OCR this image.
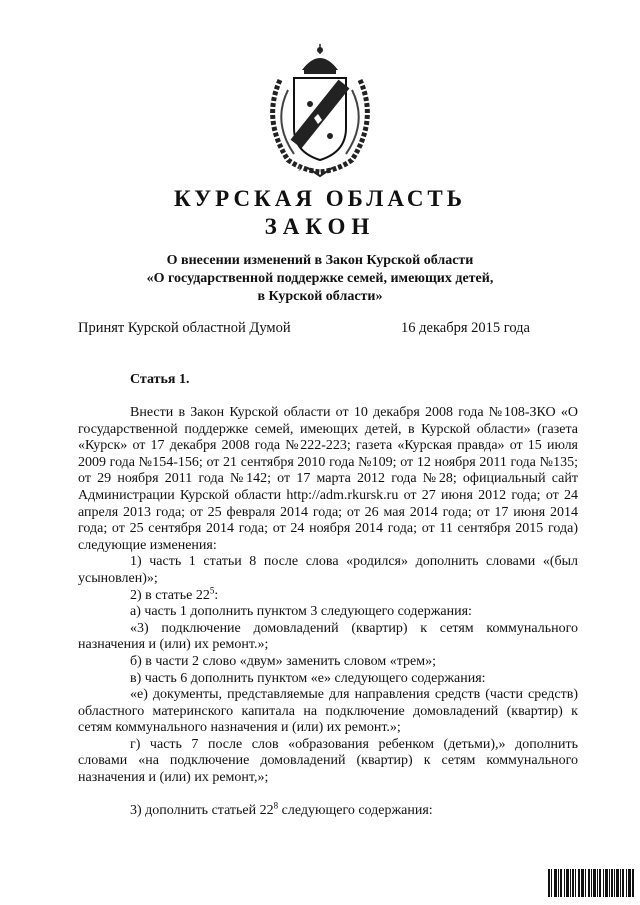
i
КУРСКАЯ ОБЛАСТЬ
ЗАКОН
О внесении изменений в Закон Курской области
«О государственной поддержке семей, имеющих детей,
в Курской области»
Принят Курской областной Думой	16 декабря 2015 года
Статья 1.

Внести в Закон Курской области от 10 декабря 2008 года №108-ЗКО «О государственной поддержке семей, имеющих детей, в Курской области» (газета «Курск» от 17 декабря 2008 года №222-223; газета «Курская правда» от 15 июля 2009 года №154-156; от 21 сентября 2010 года №109; от 12 ноября 2011 года №135; от 29 ноября 2011 года №142; от 17 марта 2012 года №28; официальный сайт Администрации Курской области http://adm.rkursk.ru от 27 июня 2012 года; от 24 апреля 2013 года; от 25 февраля 2014 года; от 26 мая 2014 года; от 17 июня 2014 года; от 25 сентября 2014 года; от 24 ноября 2014 года; от 11 сентября 2015 года) следующие изменения:

1) часть 1 статьи 8 после слова «родился» дополнить словами «(был усыновлен)»;

2) в статье $22^5$:

а) часть 1 дополнить пунктом 3 следующего содержания:

«3) подключение домовладений (квартир) к сетям коммунального назначения и (или) их ремонт.»;

б) в части 2 слово «двум» заменить словом «трем»;

в) часть 6 дополнить пунктом «е» следующего содержания:

«е) документы, представляемые для направления средств (части средств) областного материнского капитала на подключение домовладений (квартир) к сетям коммунального назначения и (или) их ремонт.»;

г) часть 7 после слов «образования ребенком (детьми),» дополнить словами «на подключение домовладений (квартир) к сетям коммунального назначения и (или) их ремонт,»;

3) дополнить статьей $22^8$ следующего содержания:
